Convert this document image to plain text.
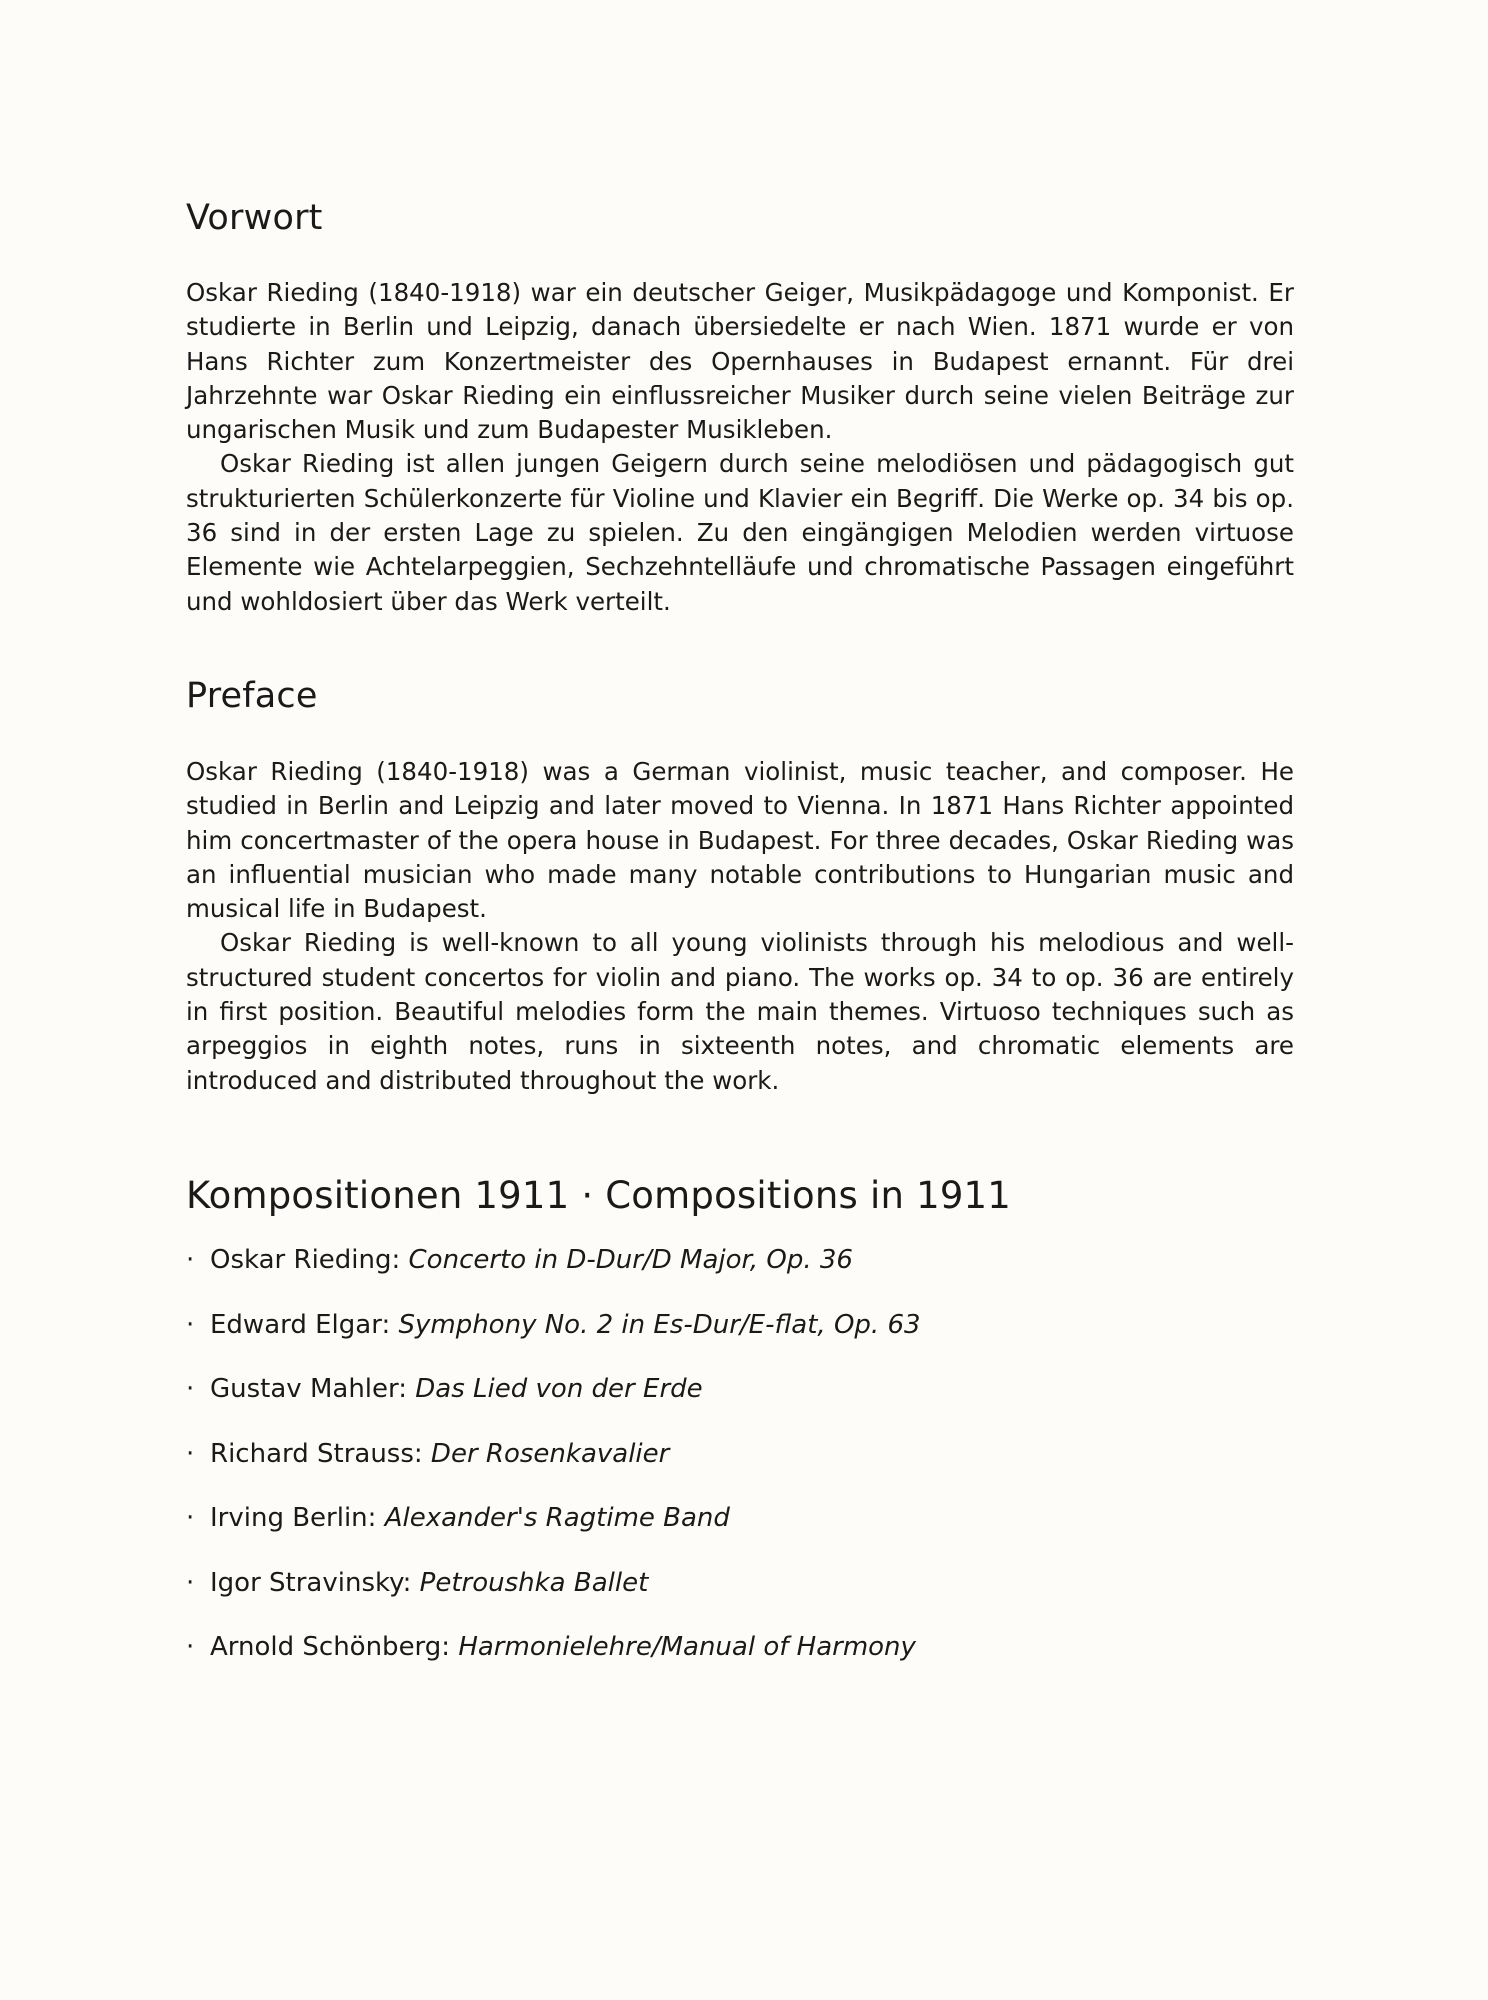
Vorwort

Oskar Rieding (1840-1918) war ein deutscher Geiger, Musikpädagoge und Komponist. Er studierte in Berlin und Leipzig, danach übersiedelte er nach Wien. 1871 wurde er von Hans Richter zum Konzertmeister des Opernhauses in Budapest ernannt. Für drei Jahrzehnte war Oskar Rieding ein einflussreicher Musiker durch seine vielen Beiträge zur ungarischen Musik und zum Budapester Musikleben.

Oskar Rieding ist allen jungen Geigern durch seine melodiösen und pädagogisch gut strukturierten Schülerkonzerte für Violine und Klavier ein Begriff. Die Werke op. 34 bis op. 36 sind in der ersten Lage zu spielen. Zu den eingängigen Melodien werden virtuose Elemente wie Achtelarpeggien, Sechzehntelläufe und chromatische Passagen eingeführt und wohldosiert über das Werk verteilt.

Preface

Oskar Rieding (1840-1918) was a German violinist, music teacher, and composer. He studied in Berlin and Leipzig and later moved to Vienna. In 1871 Hans Richter appointed him concertmaster of the opera house in Budapest. For three decades, Oskar Rieding was an influential musician who made many notable contributions to Hungarian music and musical life in Budapest.

Oskar Rieding is well-known to all young violinists through his melodious and well-structured student concertos for violin and piano. The works op. 34 to op. 36 are entirely in first position. Beautiful melodies form the main themes. Virtuoso techniques such as arpeggios in eighth notes, runs in sixteenth notes, and chromatic elements are introduced and distributed throughout the work.

Kompositionen 1911 · Compositions in 1911
· Oskar Rieding: Concerto in D-Dur/D Major, Op. 36
· Edward Elgar: Symphony No. 2 in Es-Dur/E-flat, Op. 63
· Gustav Mahler: Das Lied von der Erde
· Richard Strauss: Der Rosenkavalier
· Irving Berlin: Alexander's Ragtime Band
· Igor Stravinsky: Petroushka Ballet
· Arnold Schönberg: Harmonielehre/Manual of Harmony
